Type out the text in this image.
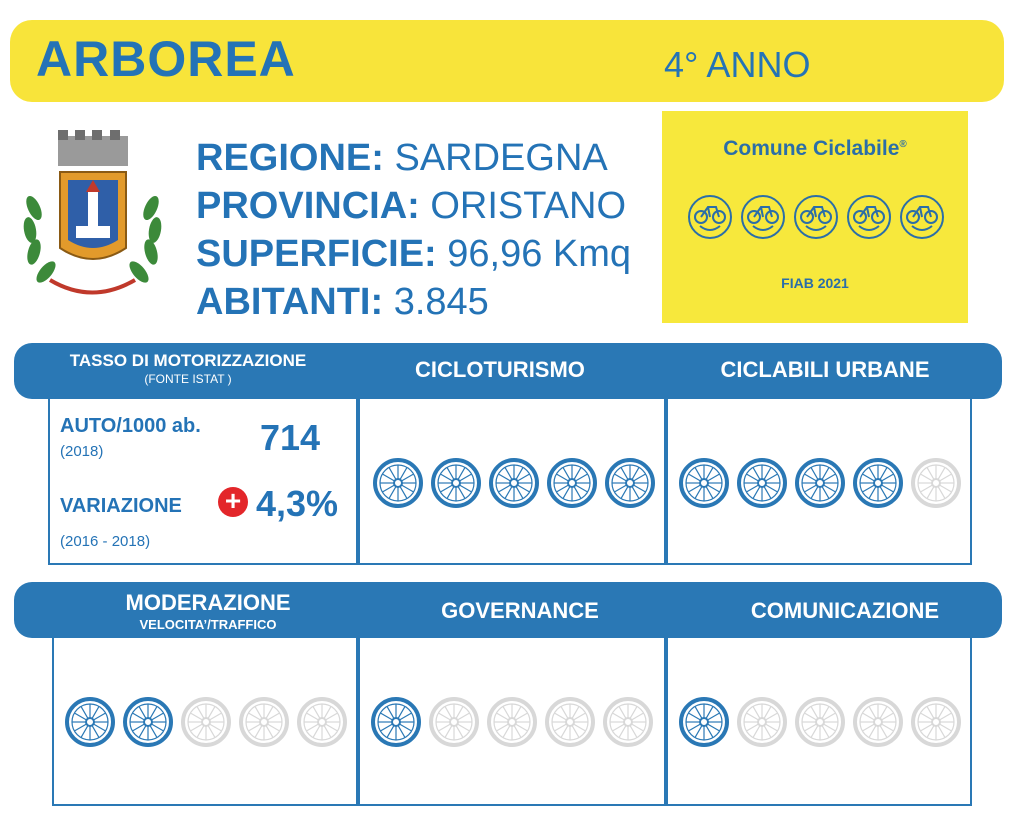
ARBOREA	4° ANNO
REGIONE: SARDEGNA
PROVINCIA: ORISTANO
SUPERFICIE: 96,96 Kmq
ABITANTI: 3.845
Comune Ciclabile®
FIAB 2021
TASSO DI MOTORIZZAZIONE
(FONTE ISTAT )	CICLOTURISMO	CICLABILI URBANE
AUTO/1000 ab.
(2018)	714
VARIAZIONE + 4,3%
(2016 - 2018)
MODERAZIONE
VELOCITA’/TRAFFICO
GOVERNANCE	COMUNICAZIONE
